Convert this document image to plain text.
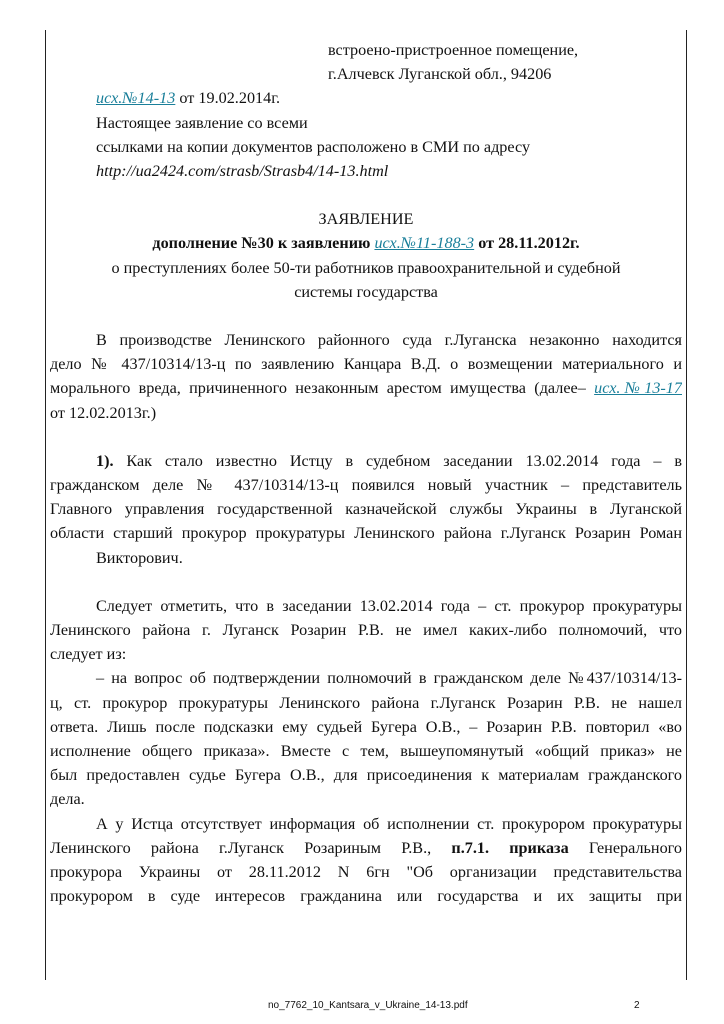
встроено-пристроенное помещение,
г.Алчевск Луганской обл., 94206
исх.№14-13 от 19.02.2014г.
Настоящее заявление со всеми
ссылками на копии документов расположено в СМИ по адресу
http://ua2424.com/strasb/Strasb4/14-13.html
ЗАЯВЛЕНИЕ
дополнение №30 к заявлению исх.№11-188-3 от 28.11.2012г.
о преступлениях более 50-ти работников правоохранительной и судебной
системы государства
В производстве Ленинского районного суда г.Луганска незаконно находится
дело № 437/10314/13-ц по заявлению Канцара В.Д. о возмещении материального и
морального вреда, причиненного незаконным арестом имущества (далее– исх.№13-17
от 12.02.2013г.)
1). Как стало известно Истцу в судебном заседании 13.02.2014 года – в
гражданском деле № 437/10314/13-ц появился новый участник – представитель
Главного управления государственной казначейской службы Украины в Луганской
области старший прокурор прокуратуры Ленинского района г.Луганск Розарин Роман
Викторович.
Следует отметить, что в заседании 13.02.2014 года – ст. прокурор прокуратуры
Ленинского района г. Луганск Розарин Р.В. не имел каких-либо полномочий, что
следует из:
– на вопрос об подтверждении полномочий в гражданском деле №437/10314/13-
ц, ст. прокурор прокуратуры Ленинского района г.Луганск Розарин Р.В. не нашел
ответа. Лишь после подсказки ему судьей Бугера О.В., – Розарин Р.В. повторил «во
исполнение общего приказа». Вместе с тем, вышеупомянутый «общий приказ» не
был предоставлен судье Бугера О.В., для присоединения к материалам гражданского
дела.
А у Истца отсутствует информация об исполнении ст. прокурором прокуратуры
Ленинского района г.Луганск Розариным Р.В., п.7.1. приказа Генерального
прокурора Украины от 28.11.2012 N 6гн "Об организации представительства
прокурором в суде интересов гражданина или государства и их защиты при
no_7762_10_Kantsara_v_Ukraine_14-13.pdf	2
